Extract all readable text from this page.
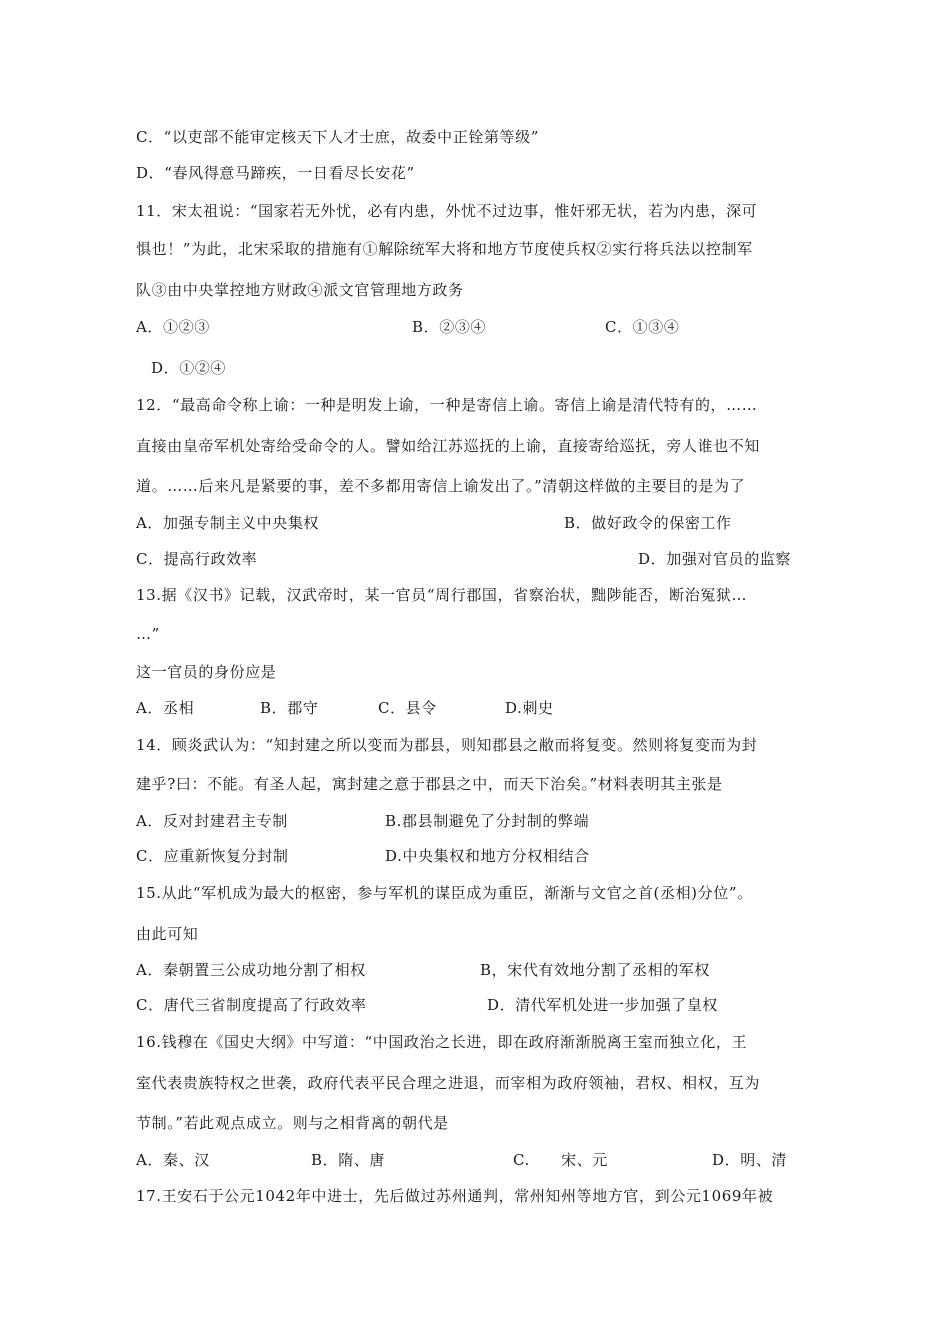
C．“以吏部不能审定核天下人才士庶，故委中正铨第等级”
D．“春风得意马蹄疾，一日看尽长安花”
11．宋太祖说：“国家若无外忧，必有内患，外忧不过边事，惟奸邪无状，若为内患，深可
惧也！”为此，北宋采取的措施有①解除统军大将和地方节度使兵权②实行将兵法以控制军
队③由中央掌控地方财政④派文官管理地方政务
A．①②③	B．②③④	C．①③④
D．①②④
12．“最高命令称上谕：一种是明发上谕，一种是寄信上谕。寄信上谕是清代特有的，……
直接由皇帝军机处寄给受命令的人。譬如给江苏巡抚的上谕，直接寄给巡抚，旁人谁也不知
道。……后来凡是紧要的事，差不多都用寄信上谕发出了。”清朝这样做的主要目的是为了
A．加强专制主义中央集权	B．做好政令的保密工作
C．提高行政效率	D．加强对官员的监察
13.据《汉书》记载，汉武帝时，某一官员“周行郡国，省察治状，黜陟能否，断治冤狱…
…”
这一官员的身份应是
A．丞相	B．郡守	C．县令	D.刺史
14．顾炎武认为：“知封建之所以变而为郡县，则知郡县之敝而将复变。然则将复变而为封
建乎?曰：不能。有圣人起，寓封建之意于郡县之中，而天下治矣。”材料表明其主张是
A．反对封建君主专制	B.郡县制避免了分封制的弊端
C．应重新恢复分封制	D.中央集权和地方分权相结合
15.从此“军机成为最大的枢密，参与军机的谋臣成为重臣，渐渐与文官之首(丞相)分位”。
由此可知
A．秦朝置三公成功地分割了相权	B，宋代有效地分割了丞相的军权
C．唐代三省制度提高了行政效率	D．清代军机处进一步加强了皇权
16.钱穆在《国史大纲》中写道：“中国政治之长进，即在政府渐渐脱离王室而独立化，王
室代表贵族特权之世袭，政府代表平民合理之进退，而宰相为政府领袖，君权、相权，互为
节制。”若此观点成立。则与之相背离的朝代是
A．秦、汉	B．隋、唐	C.　　宋、元	D．明、清
17.王安石于公元1042年中进士，先后做过苏州通判，常州知州等地方官，到公元1069年被
